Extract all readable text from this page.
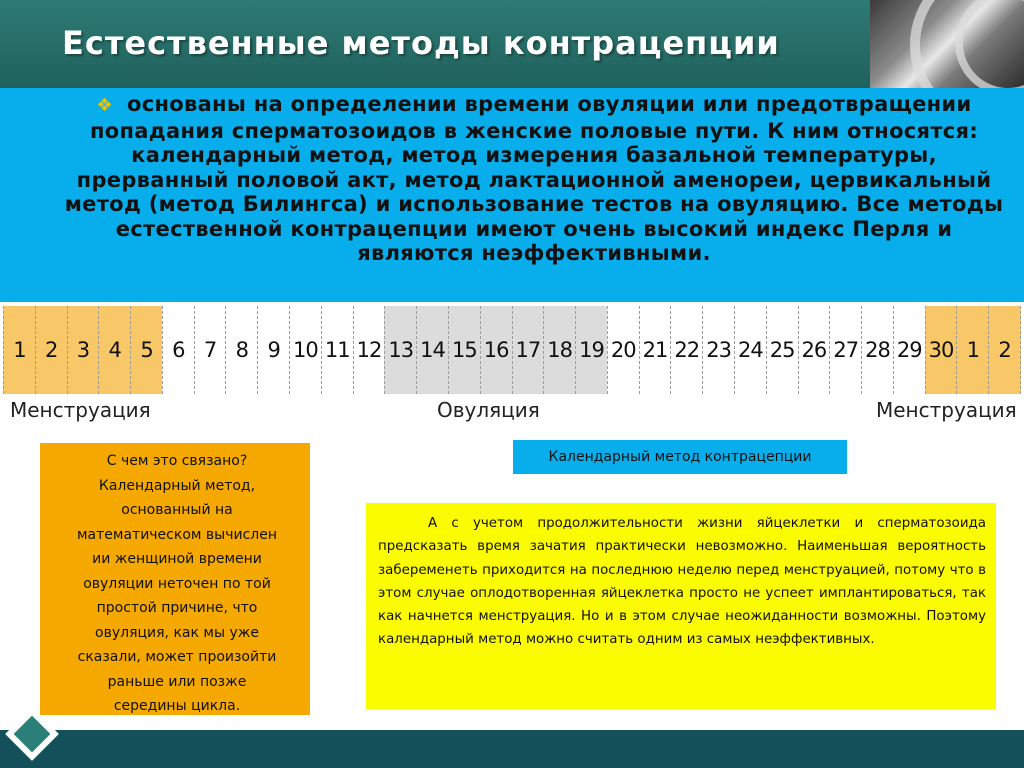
Естественные методы контрацепции
❖ основаны на определении времени овуляции или предотвращении попадания сперматозоидов в женские половые пути. К ним относятся: календарный метод, метод измерения базальной температуры, прерванный половой акт, метод лактационной аменореи, цервикальный метод (метод Билингса) и использование тестов на овуляцию. Все методы естественной контрацепции имеют очень высокий индекс Перля и являются неэффективными.
1 2 3 4 5 6 7 8 9 10 11 12 13 14 15 16 17 18 19 20 21 22 23 24 25 26 27 28 29 30 1 2
Менструация	Овуляция	Менструация

С чем это связано?

Календарный метод,

основанный на

математическом вычислен

ии женщиной времени

овуляции неточен по той

простой причине, что

овуляция, как мы уже

сказали, может произойти

раньше или позже

середины цикла.

Календарный метод контрацепции
А с учетом продолжительности жизни яйцеклетки и сперматозоида предсказать время зачатия практически невозможно. Наименьшая вероятность забеременеть приходится на последнюю неделю перед менструацией, потому что в этом случае оплодотворенная яйцеклетка просто не успеет имплантироваться, так как начнется менструация. Но и в этом случае неожиданности возможны. Поэтому календарный метод можно считать одним из самых неэффективных.
